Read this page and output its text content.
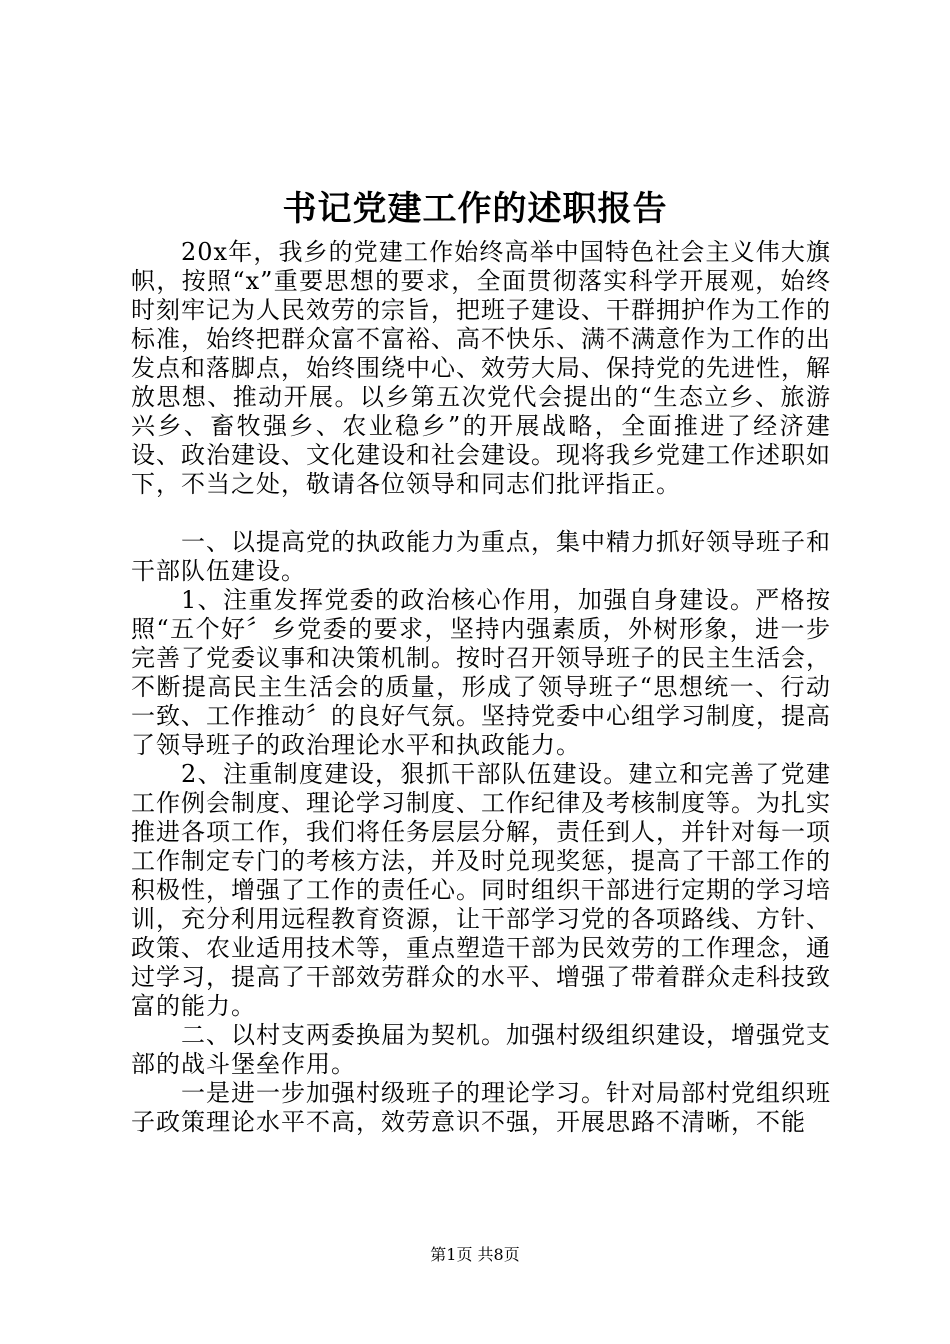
书记党建工作的述职报告

20x年，我乡的党建工作始终高举中国特色社会主义伟大旗帜，按照“x”重要思想的要求，全面贯彻落实科学开展观，始终时刻牢记为人民效劳的宗旨，把班子建设、干群拥护作为工作的标准，始终把群众富不富裕、高不快乐、满不满意作为工作的出发点和落脚点，始终围绕中心、效劳大局、保持党的先进性，解放思想、推动开展。以乡第五次党代会提出的“生态立乡、旅游兴乡、畜牧强乡、农业稳乡”的开展战略，全面推进了经济建设、政治建设、文化建设和社会建设。现将我乡党建工作述职如下，不当之处，敬请各位领导和同志们批评指正。

一、以提高党的执政能力为重点，集中精力抓好领导班子和干部队伍建设。

1、注重发挥党委的政治核心作用，加强自身建设。严格按照“五个好〞乡党委的要求，坚持内强素质，外树形象，进一步完善了党委议事和决策机制。按时召开领导班子的民主生活会，不断提高民主生活会的质量，形成了领导班子“思想统一、行动一致、工作推动〞的良好气氛。坚持党委中心组学习制度，提高了领导班子的政治理论水平和执政能力。

2、注重制度建设，狠抓干部队伍建设。建立和完善了党建工作例会制度、理论学习制度、工作纪律及考核制度等。为扎实推进各项工作，我们将任务层层分解，责任到人，并针对每一项工作制定专门的考核方法，并及时兑现奖惩，提高了干部工作的积极性，增强了工作的责任心。同时组织干部进行定期的学习培训，充分利用远程教育资源，让干部学习党的各项路线、方针、政策、农业适用技术等，重点塑造干部为民效劳的工作理念，通过学习，提高了干部效劳群众的水平、增强了带着群众走科技致富的能力。

二、以村支两委换届为契机。加强村级组织建设，增强党支部的战斗堡垒作用。

一是进一步加强村级班子的理论学习。针对局部村党组织班子政策理论水平不高，效劳意识不强，开展思路不清晰，不能

第1页 共8页
